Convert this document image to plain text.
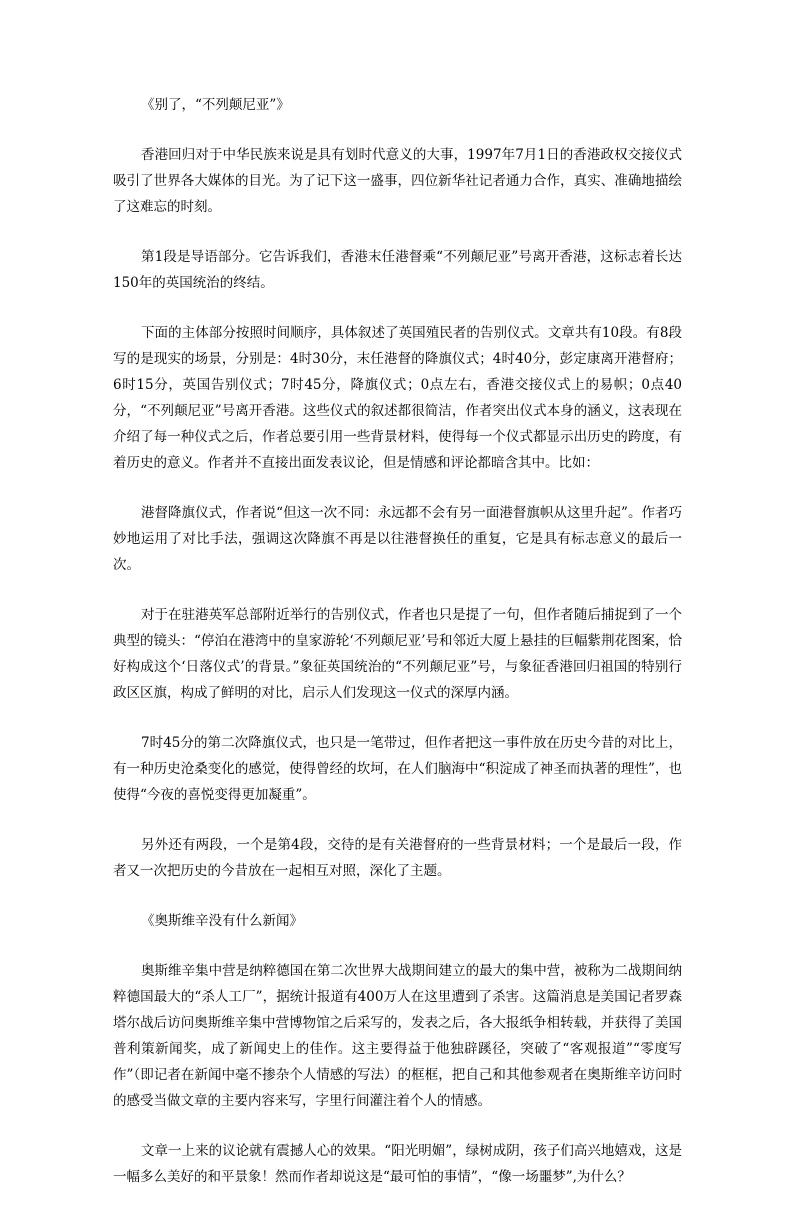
《别了，“不列颠尼亚”》

香港回归对于中华民族来说是具有划时代意义的大事，1997年7月1日的香港政权交接仪式吸引了世界各大媒体的目光。为了记下这一盛事，四位新华社记者通力合作，真实、准确地描绘了这难忘的时刻。

第1段是导语部分。它告诉我们，香港末任港督乘“不列颠尼亚”号离开香港，这标志着长达150年的英国统治的终结。

下面的主体部分按照时间顺序，具体叙述了英国殖民者的告别仪式。文章共有10段。有8段写的是现实的场景，分别是：4时30分，末任港督的降旗仪式；4时40分，彭定康离开港督府；6时15分，英国告别仪式；7时45分，降旗仪式；0点左右，香港交接仪式上的易帜；0点40分，“不列颠尼亚”号离开香港。这些仪式的叙述都很简洁，作者突出仪式本身的涵义，这表现在介绍了每一种仪式之后，作者总要引用一些背景材料，使得每一个仪式都显示出历史的跨度，有着历史的意义。作者并不直接出面发表议论，但是情感和评论都暗含其中。比如：

港督降旗仪式，作者说“但这一次不同：永远都不会有另一面港督旗帜从这里升起”。作者巧妙地运用了对比手法，强调这次降旗不再是以往港督换任的重复，它是具有标志意义的最后一次。

对于在驻港英军总部附近举行的告别仪式，作者也只是提了一句，但作者随后捕捉到了一个典型的镜头：“停泊在港湾中的皇家游轮‘不列颠尼亚’号和邻近大厦上悬挂的巨幅紫荆花图案，恰好构成这个‘日落仪式’的背景。”象征英国统治的“不列颠尼亚”号，与象征香港回归祖国的特别行政区区旗，构成了鲜明的对比，启示人们发现这一仪式的深厚内涵。

7时45分的第二次降旗仪式，也只是一笔带过，但作者把这一事件放在历史今昔的对比上，有一种历史沧桑变化的感觉，使得曾经的坎坷，在人们脑海中“积淀成了神圣而执著的理性”，也使得“今夜的喜悦变得更加凝重”。

另外还有两段，一个是第4段，交待的是有关港督府的一些背景材料；一个是最后一段，作者又一次把历史的今昔放在一起相互对照，深化了主题。

《奥斯维辛没有什么新闻》

奥斯维辛集中营是纳粹德国在第二次世界大战期间建立的最大的集中营，被称为二战期间纳粹德国最大的“杀人工厂”，据统计报道有400万人在这里遭到了杀害。这篇消息是美国记者罗森塔尔战后访问奥斯维辛集中营博物馆之后采写的，发表之后，各大报纸争相转载，并获得了美国普利策新闻奖，成了新闻史上的佳作。这主要得益于他独辟蹊径，突破了“客观报道”“零度写作”（即记者在新闻中毫不掺杂个人情感的写法）的框框，把自己和其他参观者在奥斯维辛访问时的感受当做文章的主要内容来写，字里行间灌注着个人的情感。

文章一上来的议论就有震撼人心的效果。“阳光明媚”，绿树成阴，孩子们高兴地嬉戏，这是一幅多么美好的和平景象！然而作者却说这是“最可怕的事情”，“像一场噩梦”,为什么？
